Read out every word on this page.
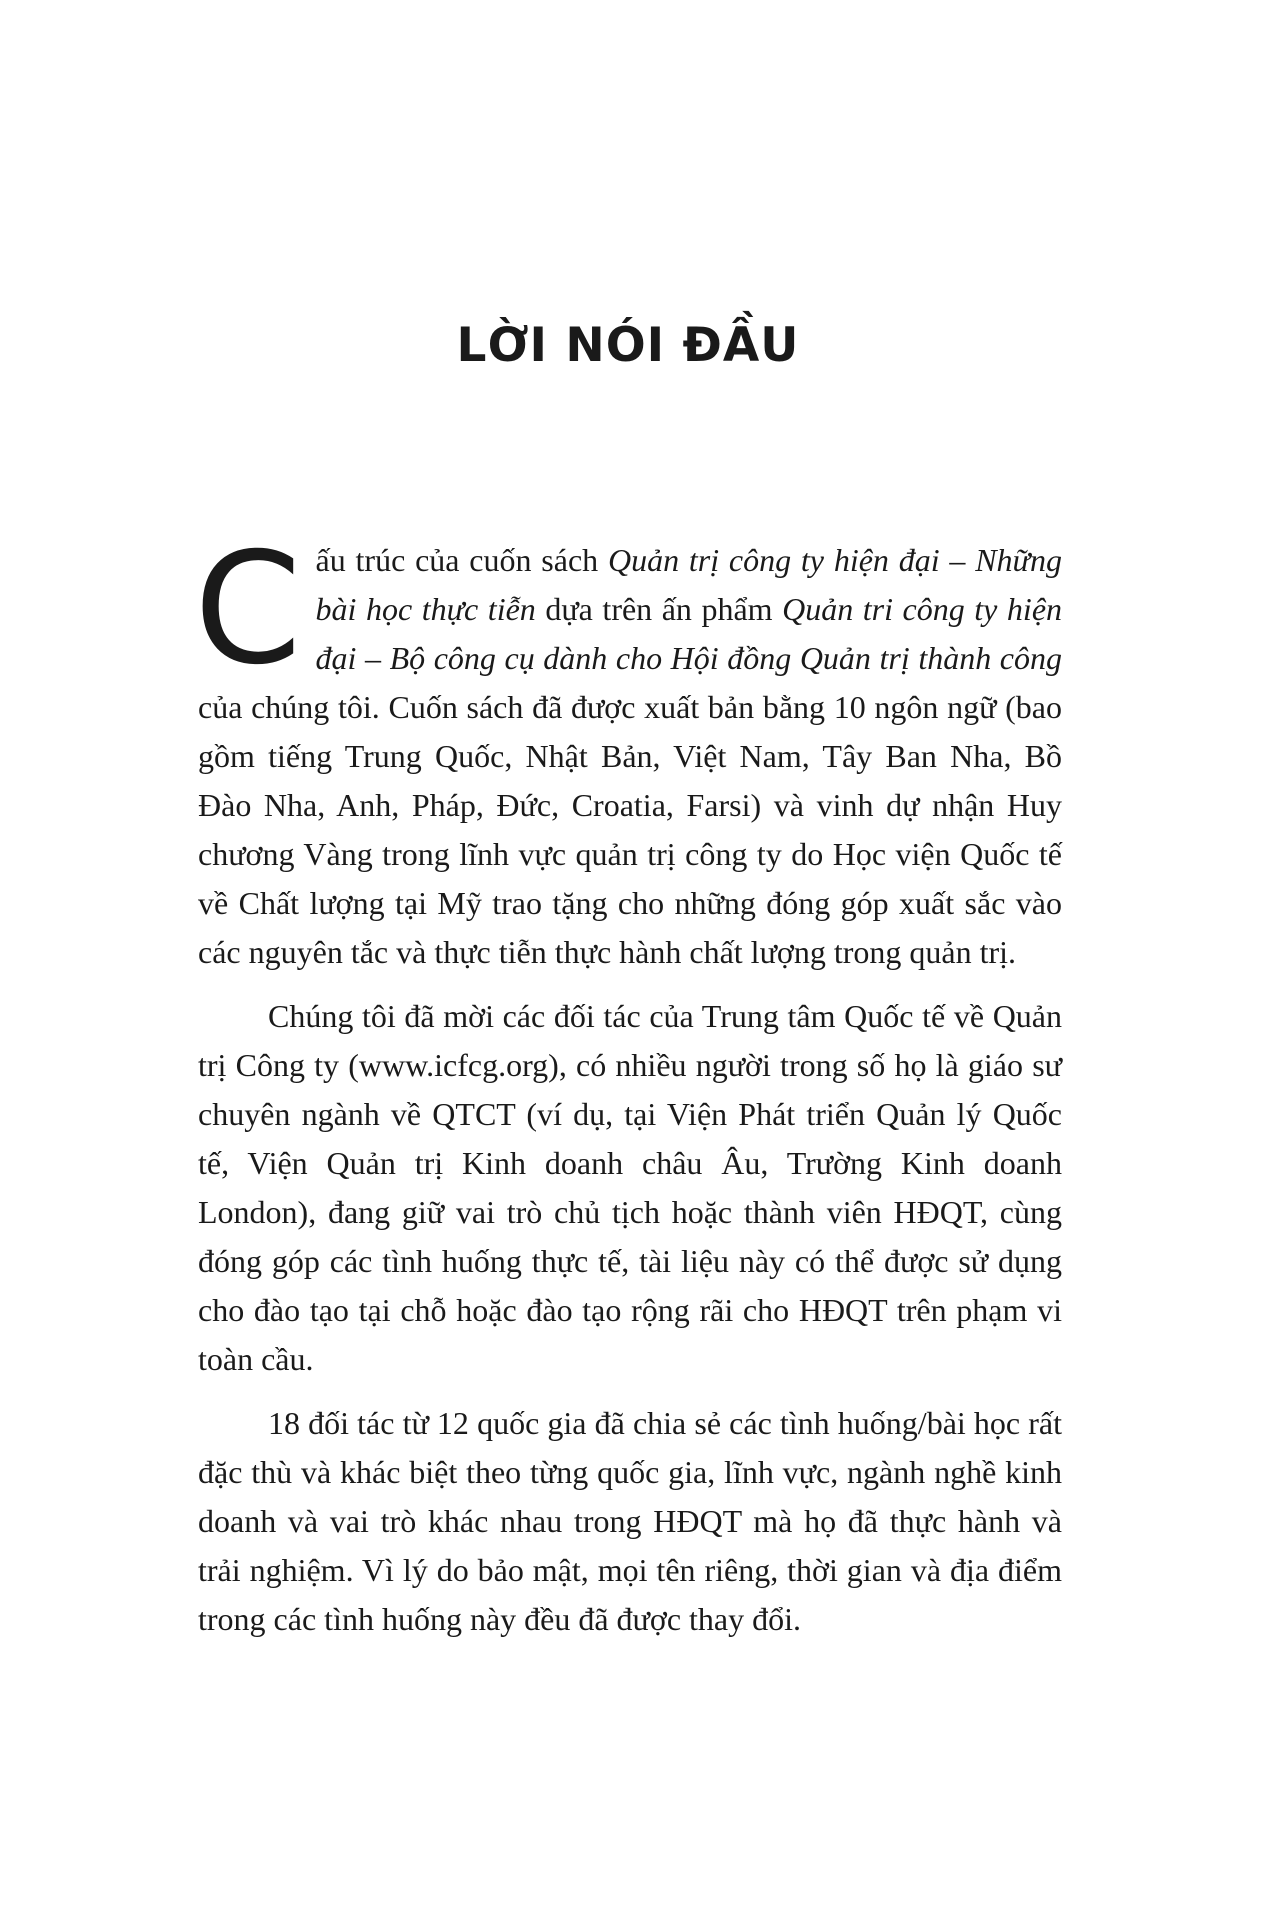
LỜI NÓI ĐẦU

Cấu trúc của cuốn sách Quản trị công ty hiện đại – Những bài học thực tiễn dựa trên ấn phẩm Quản tri công ty hiện đại – Bộ công cụ dành cho Hội đồng Quản trị thành công của chúng tôi. Cuốn sách đã được xuất bản bằng 10 ngôn ngữ (bao gồm tiếng Trung Quốc, Nhật Bản, Việt Nam, Tây Ban Nha, Bồ Đào Nha, Anh, Pháp, Đức, Croatia, Farsi) và vinh dự nhận Huy chương Vàng trong lĩnh vực quản trị công ty do Học viện Quốc tế về Chất lượng tại Mỹ trao tặng cho những đóng góp xuất sắc vào các nguyên tắc và thực tiễn thực hành chất lượng trong quản trị.

Chúng tôi đã mời các đối tác của Trung tâm Quốc tế về Quản trị Công ty (www.icfcg.org), có nhiều người trong số họ là giáo sư chuyên ngành về QTCT (ví dụ, tại Viện Phát triển Quản lý Quốc tế, Viện Quản trị Kinh doanh châu Âu, Trường Kinh doanh London), đang giữ vai trò chủ tịch hoặc thành viên HĐQT, cùng đóng góp các tình huống thực tế, tài liệu này có thể được sử dụng cho đào tạo tại chỗ hoặc đào tạo rộng rãi cho HĐQT trên phạm vi toàn cầu.

18 đối tác từ 12 quốc gia đã chia sẻ các tình huống/bài học rất đặc thù và khác biệt theo từng quốc gia, lĩnh vực, ngành nghề kinh doanh và vai trò khác nhau trong HĐQT mà họ đã thực hành và trải nghiệm. Vì lý do bảo mật, mọi tên riêng, thời gian và địa điểm trong các tình huống này đều đã được thay đổi.
